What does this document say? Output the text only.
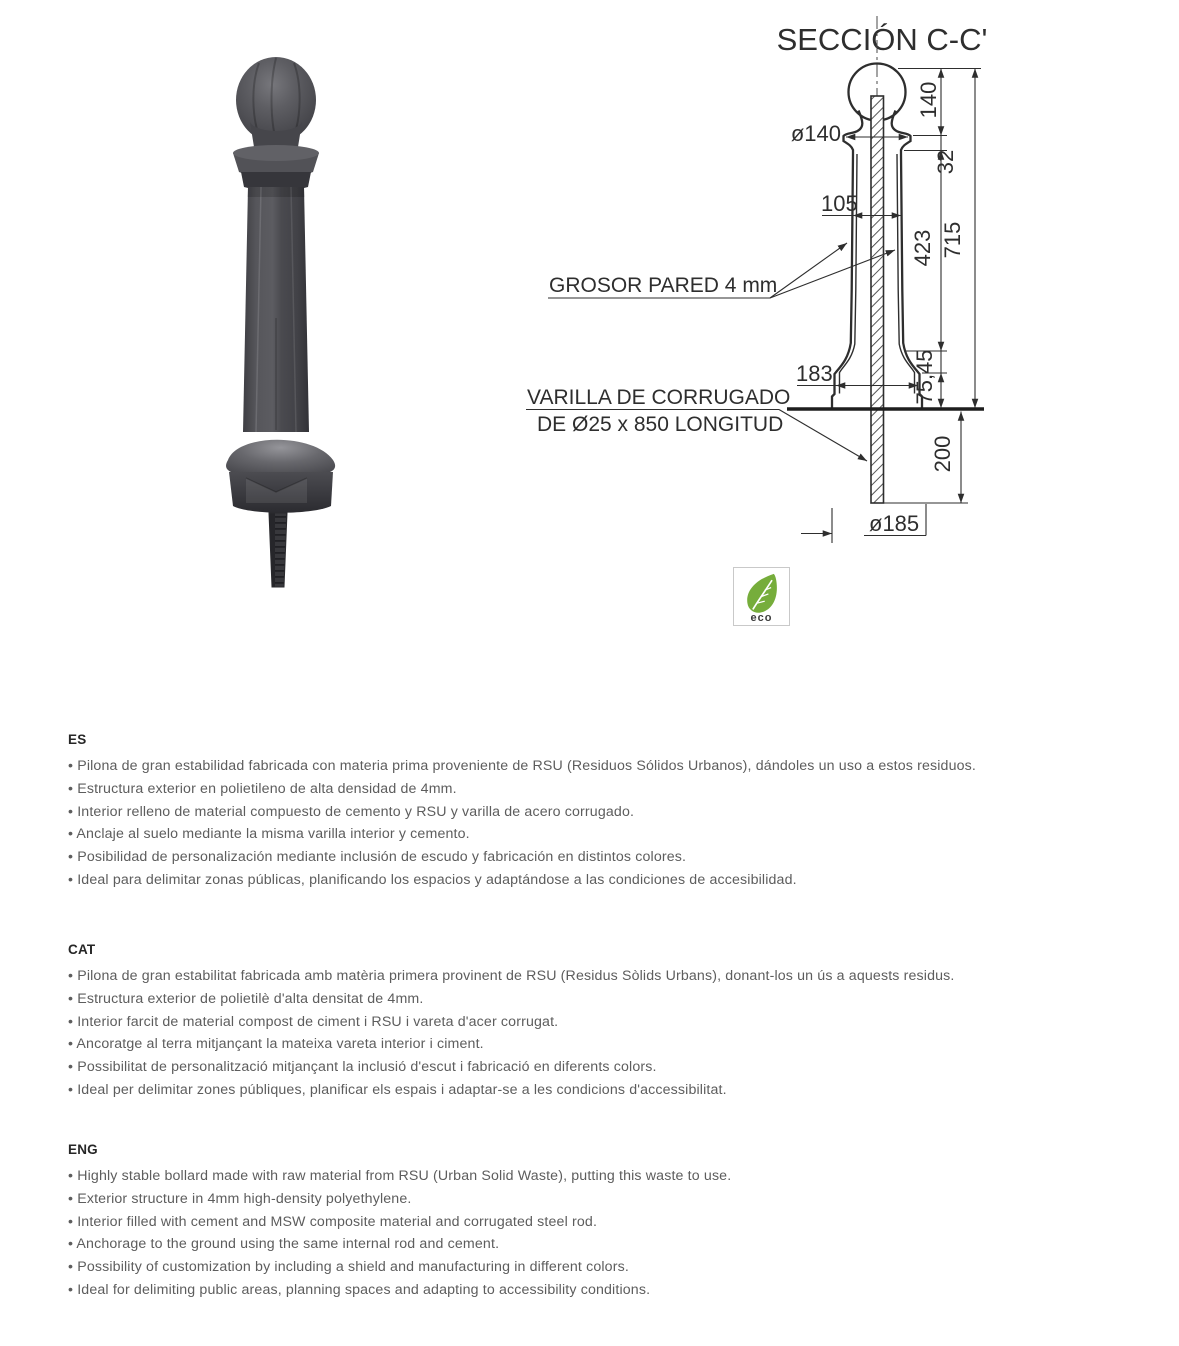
SECCIÓN C-C'
ø140
105
GROSOR PARED 4 mm
VARILLA DE CORRUGADO
DE Ø25 x 850 LONGITUD
183
ø185
140
32
423
75,45
715
200
eco
ES
• Pilona de gran estabilidad fabricada con materia prima proveniente de RSU (Residuos Sólidos Urbanos), dándoles un uso a estos residuos.
• Estructura exterior en polietileno de alta densidad de 4mm.
• Interior relleno de material compuesto de cemento y RSU y varilla de acero corrugado.
• Anclaje al suelo mediante la misma varilla interior y cemento.
• Posibilidad de personalización mediante inclusión de escudo y fabricación en distintos colores.
• Ideal para delimitar zonas públicas, planificando los espacios y adaptándose a las condiciones de accesibilidad.
CAT
• Pilona de gran estabilitat fabricada amb matèria primera provinent de RSU (Residus Sòlids Urbans), donant-los un ús a aquests residus.
• Estructura exterior de polietilè d'alta densitat de 4mm.
• Interior farcit de material compost de ciment i RSU i vareta d'acer corrugat.
• Ancoratge al terra mitjançant la mateixa vareta interior i ciment.
• Possibilitat de personalització mitjançant la inclusió d'escut i fabricació en diferents colors.
• Ideal per delimitar zones públiques, planificar els espais i adaptar-se a les condicions d'accessibilitat.
ENG
• Highly stable bollard made with raw material from RSU (Urban Solid Waste), putting this waste to use.
• Exterior structure in 4mm high-density polyethylene.
• Interior filled with cement and MSW composite material and corrugated steel rod.
• Anchorage to the ground using the same internal rod and cement.
• Possibility of customization by including a shield and manufacturing in different colors.
• Ideal for delimiting public areas, planning spaces and adapting to accessibility conditions.
